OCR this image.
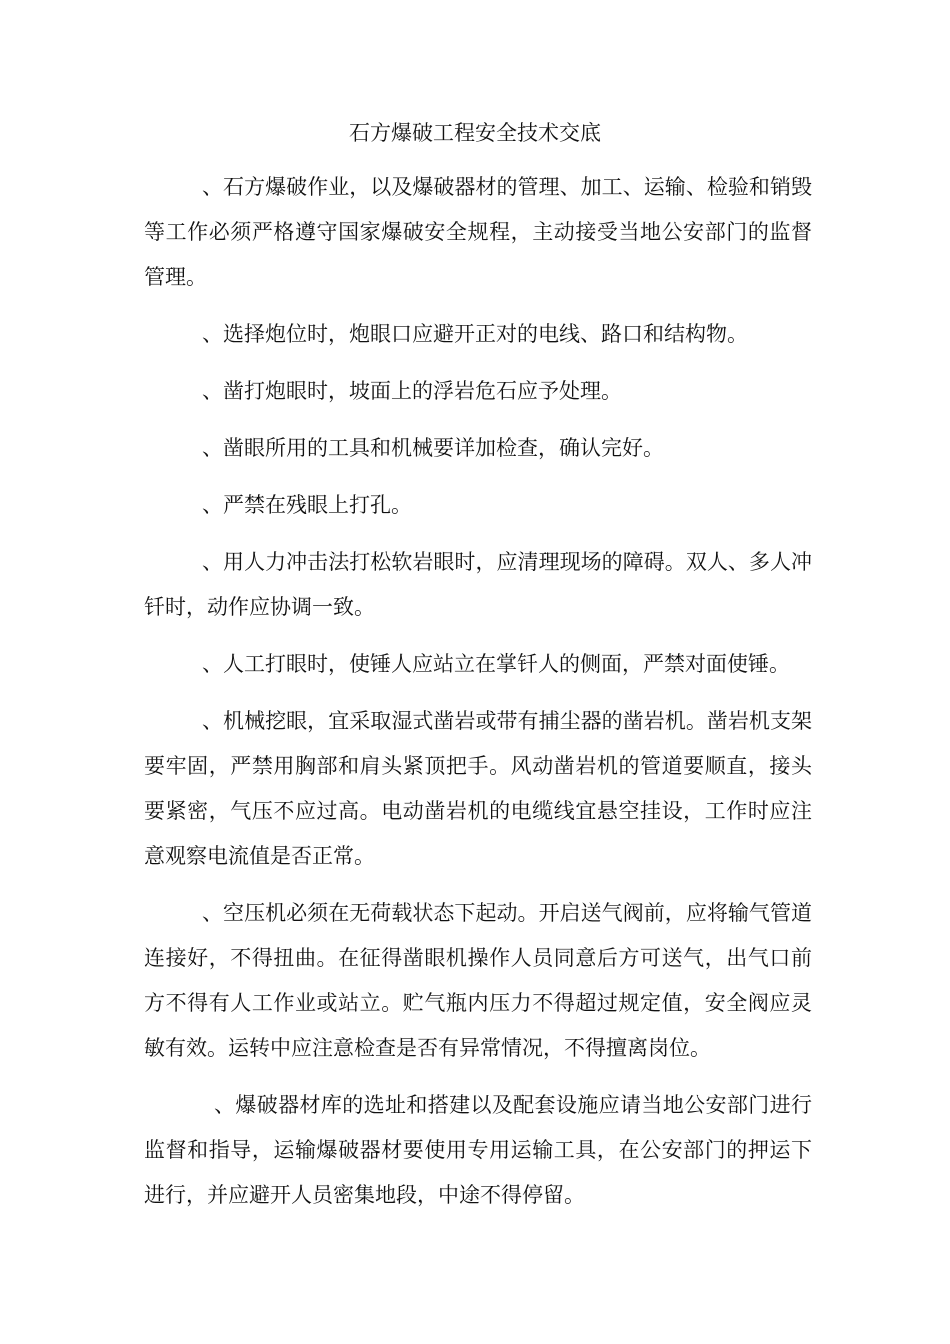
石方爆破工程安全技术交底

、石方爆破作业，以及爆破器材的管理、加工、运输、检验和销毁等工作必须严格遵守国家爆破安全规程，主动接受当地公安部门的监督管理。

、选择炮位时，炮眼口应避开正对的电线、路口和结构物。

、凿打炮眼时，坡面上的浮岩危石应予处理。

、凿眼所用的工具和机械要详加检查，确认完好。

、严禁在残眼上打孔。

、用人力冲击法打松软岩眼时，应清理现场的障碍。双人、多人冲钎时，动作应协调一致。

、人工打眼时，使锤人应站立在掌钎人的侧面，严禁对面使锤。

、机械挖眼，宜采取湿式凿岩或带有捕尘器的凿岩机。凿岩机支架要牢固，严禁用胸部和肩头紧顶把手。风动凿岩机的管道要顺直，接头要紧密，气压不应过高。电动凿岩机的电缆线宜悬空挂设，工作时应注意观察电流值是否正常。

、空压机必须在无荷载状态下起动。开启送气阀前，应将输气管道连接好，不得扭曲。在征得凿眼机操作人员同意后方可送气，出气口前方不得有人工作业或站立。贮气瓶内压力不得超过规定值，安全阀应灵敏有效。运转中应注意检查是否有异常情况，不得擅离岗位。

、爆破器材库的选址和搭建以及配套设施应请当地公安部门进行监督和指导，运输爆破器材要使用专用运输工具，在公安部门的押运下进行，并应避开人员密集地段，中途不得停留。
